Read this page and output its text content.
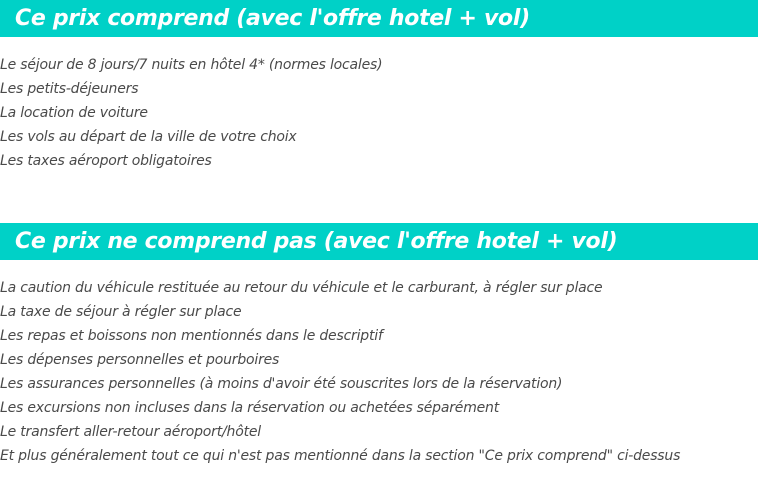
Ce prix comprend (avec l'offre hotel + vol)
Le séjour de 8 jours/7 nuits en hôtel 4* (normes locales)
Les petits-déjeuners
La location de voiture
Les vols au départ de la ville de votre choix
Les taxes aéroport obligatoires
Ce prix ne comprend pas (avec l'offre hotel + vol)
La caution du véhicule restituée au retour du véhicule et le carburant, à régler sur place
La taxe de séjour à régler sur place
Les repas et boissons non mentionnés dans le descriptif
Les dépenses personnelles et pourboires
Les assurances personnelles (à moins d'avoir été souscrites lors de la réservation)
Les excursions non incluses dans la réservation ou achetées séparément
Le transfert aller-retour aéroport/hôtel
Et plus généralement tout ce qui n'est pas mentionné dans la section "Ce prix comprend" ci-dessus
